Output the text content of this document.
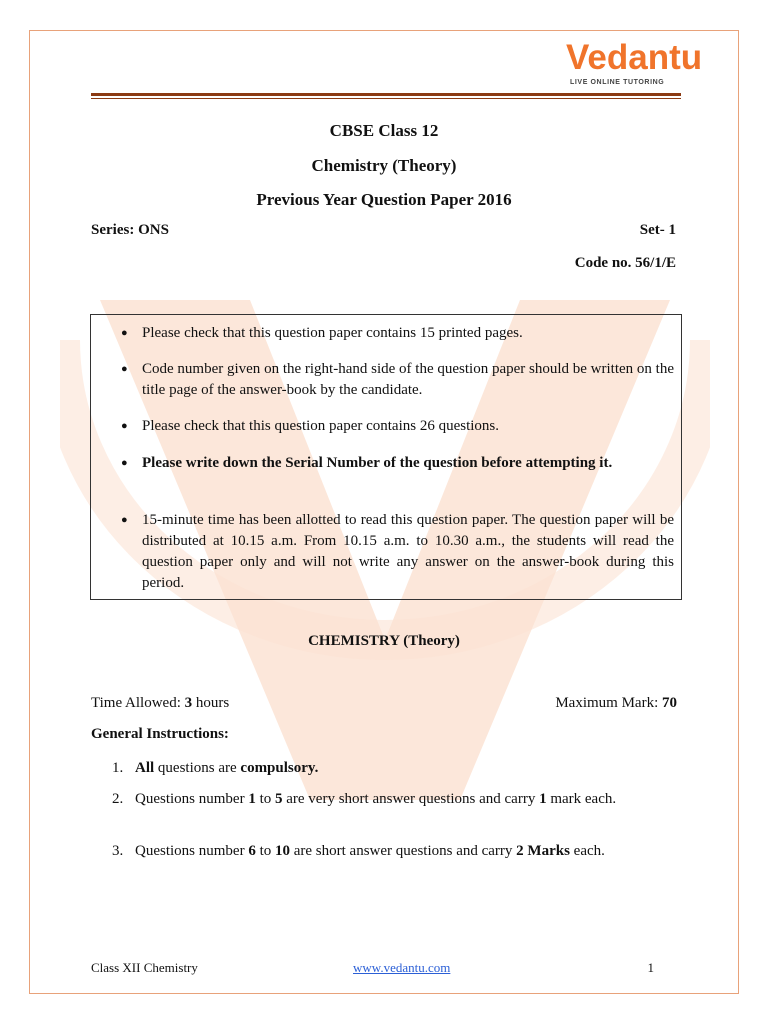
Vedantu
LIVE ONLINE TUTORING
CBSE Class 12
Chemistry (Theory)
Previous Year Question Paper 2016
Series: ONS	Set- 1
Code no. 56/1/E
● Please check that this question paper contains 15 printed pages.
● Code number given on the right-hand side of the question paper should be written on the title page of the answer-book by the candidate.
● Please check that this question paper contains 26 questions.
● Please write down the Serial Number of the question before attempting it.
● 15-minute time has been allotted to read this question paper. The question paper will be distributed at 10.15 a.m. From 10.15 a.m. to 10.30 a.m., the students will read the question paper only and will not write any answer on the answer-book during this period.
CHEMISTRY (Theory)
Time Allowed: 3 hours	Maximum Mark: 70
General Instructions:
1. All questions are compulsory.
2. Questions number 1 to 5 are very short answer questions and carry 1 mark each.
3. Questions number 6 to 10 are short answer questions and carry 2 Marks each.
Class XII Chemistry	www.vedantu.com	1
